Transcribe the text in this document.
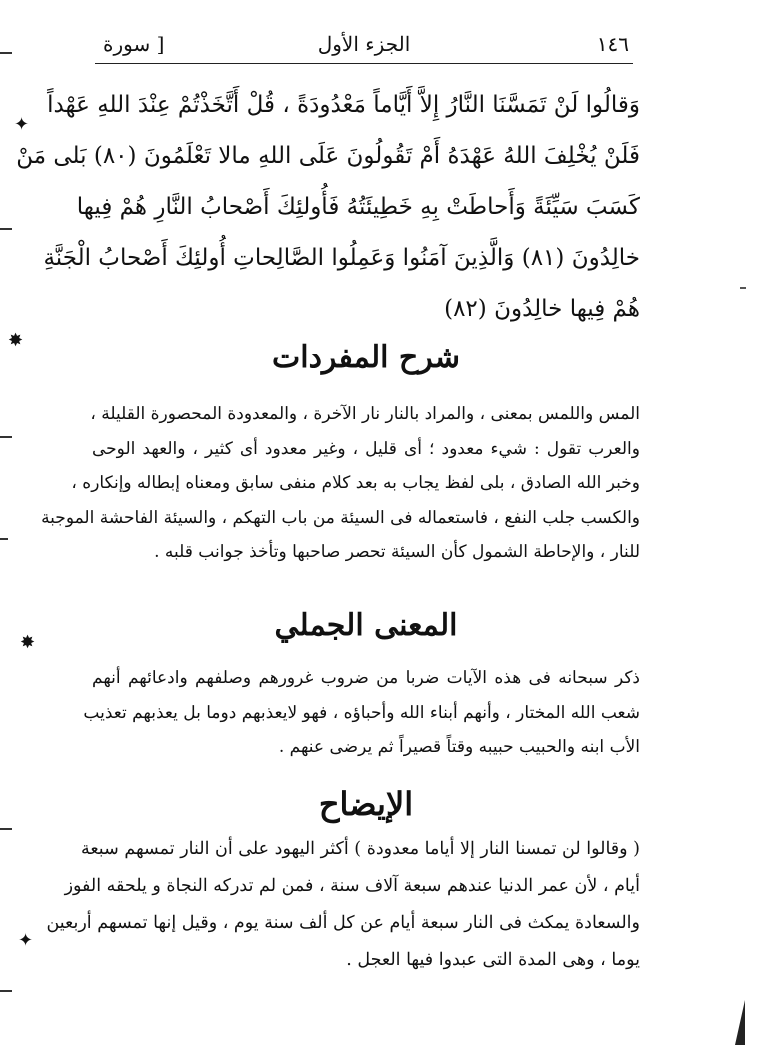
[ سورة	الجزء الأول	١٤٦
وَقالُوا لَنْ تَمَسَّنَا النَّارُ إِلاَّ أَيَّاماً مَعْدُودَةً ، قُلْ أَتَّخَذْتُمْ عِنْدَ اللهِ عَهْداً
فَلَنْ يُخْلِفَ اللهُ عَهْدَهُ أَمْ تَقُولُونَ عَلَى اللهِ مالا تَعْلَمُونَ (٨٠) بَلى مَنْ
كَسَبَ سَيِّئَةً وَأَحاطَتْ بِهِ خَطِيئَتُهُ فَأُولئِكَ أَصْحابُ النَّارِ هُمْ فِيها
خالِدُونَ (٨١) وَالَّذِينَ آمَنُوا وَعَمِلُوا الصَّالِحاتِ أُولئِكَ أَصْحابُ الْجَنَّةِ
هُمْ فِيها خالِدُونَ (٨٢)
شرح المفردات
المس واللمس بمعنى ، والمراد بالنار نار الآخرة ، والمعدودة المحصورة القليلة ،
والعرب تقول : شيء معدود ؛ أى قليل ، وغير معدود أى كثير ، والعهد الوحى
وخبر الله الصادق ، بلى لفظ يجاب به بعد كلام منفى سابق ومعناه إبطاله وإنكاره ،
والكسب جلب النفع ، فاستعماله فى السيئة من باب التهكم ، والسيئة الفاحشة الموجبة
للنار ، والإحاطة الشمول كأن السيئة تحصر صاحبها وتأخذ جوانب قلبه .
المعنى الجملي
ذكر سبحانه فى هذه الآيات ضربا من ضروب غرورهم وصلفهم وادعائهم أنهم
شعب الله المختار ، وأنهم أبناء الله وأحباؤه ، فهو لايعذبهم دوما بل يعذبهم تعذيب
الأب ابنه والحبيب حبيبه وقتاً قصيراً ثم يرضى عنهم .
الإيضاح
( وقالوا لن تمسنا النار إلا أياما معدودة ) أكثر اليهود على أن النار تمسهم سبعة
أيام ، لأن عمر الدنيا عندهم سبعة آلاف سنة ، فمن لم تدركه النجاة و يلحقه الفوز
والسعادة يمكث فى النار سبعة أيام عن كل ألف سنة يوم ، وقيل إنها تمسهم أربعين
يوما ، وهى المدة التى عبدوا فيها العجل .
✦
✸
✸
✦
